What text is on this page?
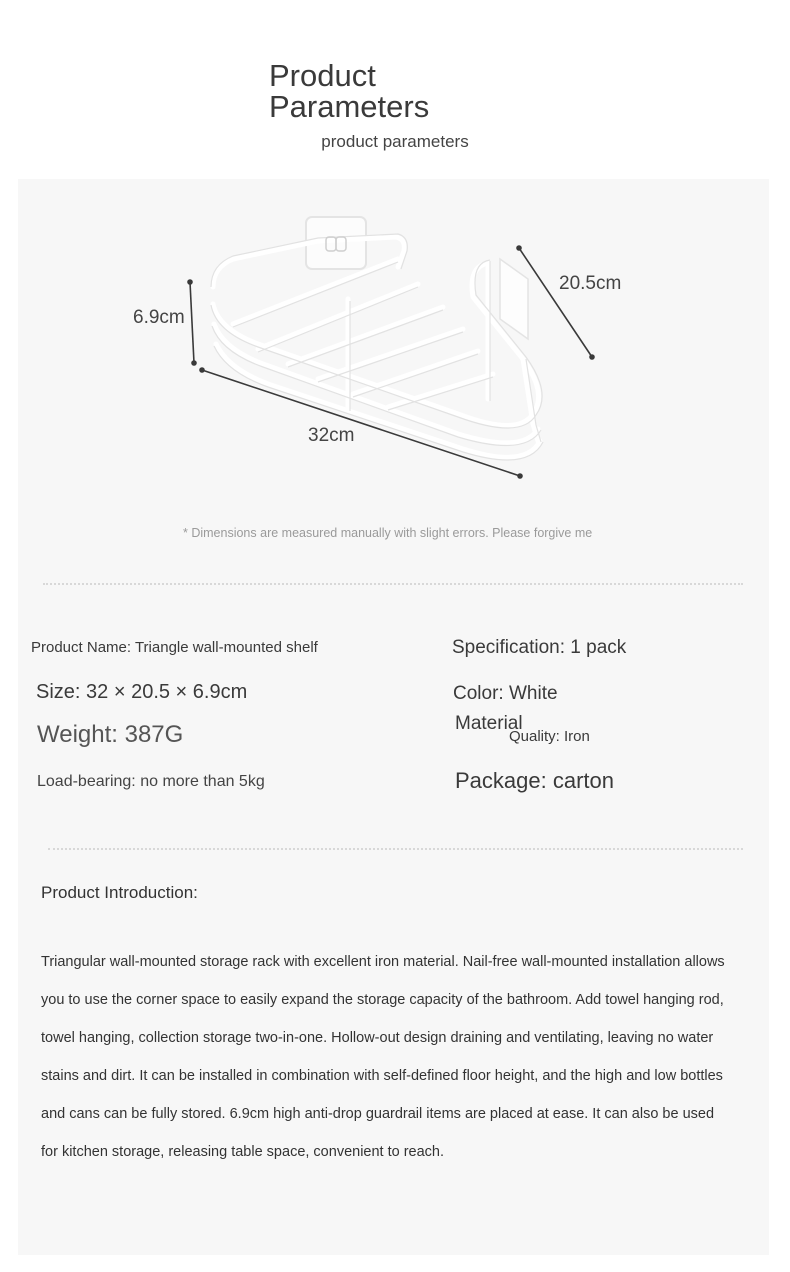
Product Parameters
product parameters
6.9cm
20.5cm
32cm
* Dimensions are measured manually with slight errors. Please forgive me
Product Name: Triangle wall-mounted shelf	Specification: 1 pack
Size: 32 × 20.5 × 6.9cm	Color: White
Weight: 387G	Material
Quality: Iron
Load-bearing: no more than 5kg	Package: carton
Product Introduction:

Triangular wall-mounted storage rack with excellent iron material. Nail-free wall-mounted installation allows you to use the corner space to easily expand the storage capacity of the bathroom. Add towel hanging rod, towel hanging, collection storage two-in-one. Hollow-out design draining and ventilating, leaving no water stains and dirt. It can be installed in combination with self-defined floor height, and the high and low bottles and cans can be fully stored. 6.9cm high anti-drop guardrail items are placed at ease. It can also be used for kitchen storage, releasing table space, convenient to reach.
